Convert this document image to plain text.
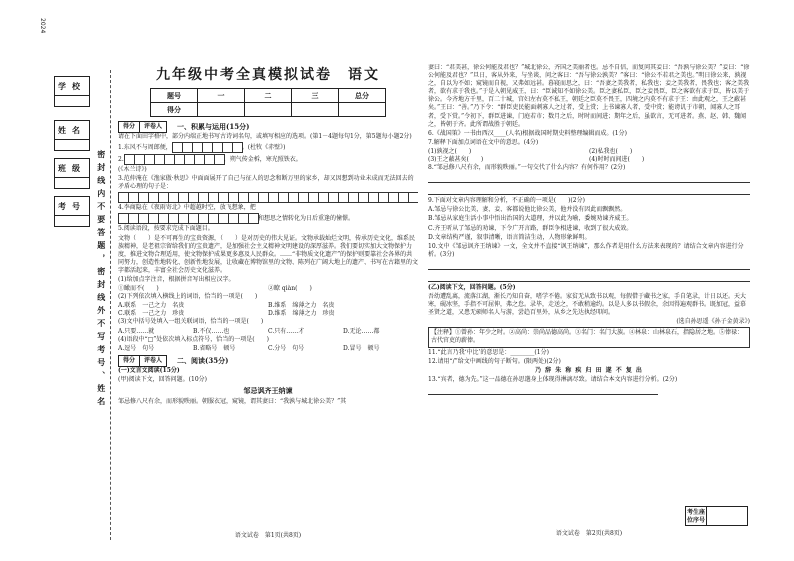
2024
学校
姓名
班级
考号	密封线内不要答题，密封线外不写考号、姓名
九年级中考全真模拟试卷　语文
题号	一	二	三	总分
得分				
得分	评卷人	一、积累与运用(15分)

请在下面田字格中，部分内端正地书写古诗词名句，或填写相应的选项。(第1－4题每句1分，第5题每小题2分)

1.东风不与周郎便，	。(杜牧《赤壁》)

2.	，朔气传金柝，寒光照铁衣。

(《木兰诗》)

3.范仲淹在《渔家傲·秋思》中面面展开了自己与征人的思念和断万里的家乡，却又因想到功业未成而无法回去的矛盾心理的句子是：

4.李商隐在《夜雨寄北》中超越时空，放飞想象，把

和想思之情转化为日后重逢的憧憬。

5.阅读语段，按要求完成下面题目。

文物（　　）是不可再生的宝贵资源，（　　）是对历史的伟大见证。文物承载灿烂文明，传承历史文化，维系民族精神，是老祖宗留给我们的宝贵遗产，是加强社会主义精神文明建设的深厚滋养。我们要切实加大文物保护力度，推进文物合理适用，使文物保护成果更多惠及人民群众。……“非物质文化遗产”的保护则要靠社会各界的共同努力，创造性地转化、创新性地发展，让收藏在博物馆里的文物、陈列在广阔大地上的遗产、书写在古籍里的文字都活起来，丰富全社会历史文化滋养。

(1)给加点字注音，根据拼音写出相应汉字。

①瞰而不(　　)	②瞭 qiàn(　　)

(2)下列依次填入横线上的词语，恰当的一项是(　　)

A.联系　一己之力　名贵	B.维系　绵薄之力　名贵
C.联系　一己之力　珍贵	D.维系　绵薄之力　珍贵

(3)文中括号处填入一组关联词语，恰当的一项是(　　)

A.只要……就	B.不仅……也	C.只有……才	D.无论……都

(4)语段中“□”处依次填入标点符号，恰当的一项是(　　)

A.逗号　句号	B.省略号　顿号	C.分号　句号	D.冒号　顿号
得分	评卷人	二、阅读(35分)

(一)文言文阅读(15分)

(甲)阅读下文，回答问题。(10分)

邹忌讽齐王纳谏

邹忌修八尺有余，而形貌昳丽。朝服衣冠，窥镜，谓其妻曰：“我孰与城北徐公美？”其

语文试卷　第1页(共8页)

妻曰：“君美甚，徐公何能及君也？”城北徐公，齐国之美丽者也。忌不自信，而复问其妾曰：“吾孰与徐公美？”妾曰：“徐公何能及君也？”旦日，客从外来，与坐谈，问之客曰：“吾与徐公孰美？”客曰：“徐公不若君之美也。”明日徐公来，孰视之，自以为不如；窥镜而自视，又弗如远甚。暮寝而思之，曰：“吾妻之美我者，私我也；妾之美我者，畏我也；客之美我者，欲有求于我也。”于是入朝见威王，曰：“臣诚知不如徐公美。臣之妻私臣，臣之妾畏臣，臣之客欲有求于臣，皆以美于徐公。今齐地方千里，百二十城，宫妇左右莫不私王，朝廷之臣莫不畏王，四境之内莫不有求于王：由此观之，王之蔽甚矣。”王曰：“善。”乃下令：“群臣吏民能面刺寡人之过者，受上赏；上书谏寡人者，受中赏；能谤讥于市朝，闻寡人之耳者，受下赏。”令初下，群臣进谏，门庭若市；数月之后，时时而间进；期年之后，虽欲言，无可进者。燕、赵、韩、魏闻之，皆朝于齐。此所谓战胜于朝廷。

6.《战国策》一书由西汉____(人名)根据战国时期史料整理编辑而成。(1分)

7.解释下面加点词语在文中的意思。(4分)

(1)孰视之(　　)	(2)私我也(　　)
(3)王之蔽甚矣(　　)	(4)时时而间进(　　)

8.“邹忌修八尺有余，而形貌昳丽。”一句交代了什么内容？有何作用？(2分)

9.下面对文章内容理解和分析，不正确的一项是(　　)(2分)

A.邹忌与徐公比美，妻、妾、客都说他比徐公美，他并没有因此而飘飘然。

B.邹忌从家庭生活小事中悟出治国的大道理，并以此为喻，委婉劝谏齐威王。

C.齐王听从了邹忌的劝谏，下令广开言路，群臣争相进谏，收到了很大成效。

D.文章结构严谨，叙事清晰，语言简洁生动，人物形象鲜明。

10.文中《邹忌讽齐王纳谏》一文，全文并不直接“讽王纳谏”，那么作者是用什么方法来表现的？请结合文章内容进行分析。(3分)

(乙)阅读下文，回答问题。(5分)

吾幼遭乱离，流落江湖，渐长乃知自奋，嗜学不倦。家贫无从致书以观，每假借于藏书之家，手自笔录，计日以还。天大寒，砚冰坚，手指不可屈伸，弗之怠。录毕，走送之，不敢稍逾约。以是人多以书假余，余因得遍观群书。既加冠，益慕圣贤之道，又患无硕师名人与游，尝趋百里外，从乡之先达执经叩问。

(选自孙思遥《孙子金黄录》)

【注释】①曾孙：年少之时。②高尚：崇尚品德高尚。③名门：名门大族。④林泉：山林泉石，指隐居之地。⑤俸禄：古代官吏的薪俸。

11.“此言乃我‘中比’的意思是：________(1分)

12.请用“/”给文中画线的句子断句。(限两处)(2分)

乃 辞 朱 称 疾 归 田 遂 不 复 出

13.“宾者，德为先。”这一品德在孙思邈身上体现得淋漓尽致。请结合本文内容进行分析。(2分)

考生座位序号
语文试卷　第2页(共8页)
